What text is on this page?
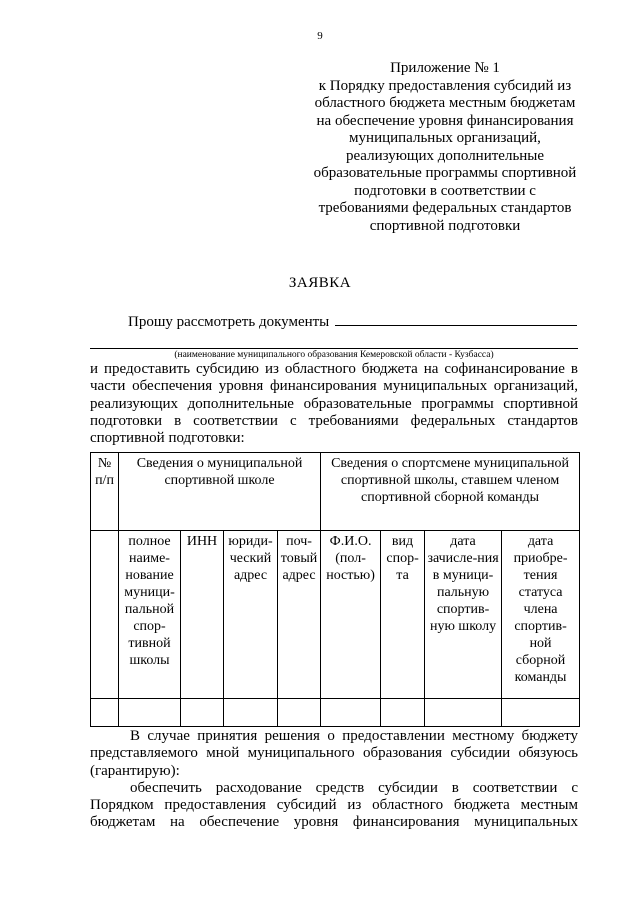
9
Приложение № 1
к Порядку предоставления субсидий из
областного бюджета местным бюджетам
на обеспечение уровня финансирования
муниципальных организаций,
реализующих дополнительные
образовательные программы спортивной
подготовки в соответствии с
требованиями федеральных стандартов
спортивной подготовки
ЗАЯВКА
Прошу рассмотреть документы
(наименование муниципального образования Кемеровской области - Кузбасса)
и предоставить субсидию из областного бюджета на софинансирование в
части обеспечения уровня финансирования муниципальных организаций,
реализующих дополнительные образовательные программы спортивной
подготовки в соответствии с требованиями федеральных стандартов
спортивной подготовки:
№ п/п	Сведения о муниципальной спортивной школе				Сведения о спортсмене муниципальной спортивной школы, ставшем членом спортивной сборной команды			

	полное наиме-нование муници-пальной спор-тивной школы	ИНН	юриди-ческий адрес	поч-товый адрес	Ф.И.О. (пол-ностью)	вид спор-та	дата зачисле-ния в муници-пальную спортив-ную школу	дата приобре-тения статуса члена спортив-ной сборной команды

В случае принятия решения о предоставлении местному бюджету
представляемого мной муниципального образования субсидии обязуюсь
(гарантирую):
обеспечить расходование средств субсидии в соответствии с
Порядком предоставления субсидий из областного бюджета местным
бюджетам на обеспечение уровня финансирования муниципальных
